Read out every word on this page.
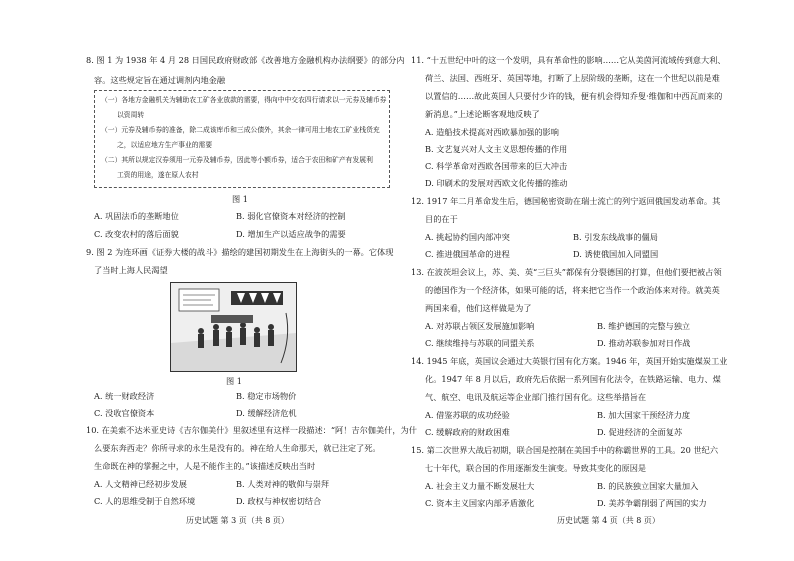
8. 图 1 为 1938 年 4 月 28 日国民政府财政部《改善地方金融机构办法纲要》的部分内
容。这些规定旨在通过调剂内地金融
（一）各地方金融机关为辅助农工矿各业放款的需要，得向中中交农四行请求以一元券及辅币券
以资周转
（一）元券及辅币券的准备，除二成该库币和三成公债外，其余一律可用土地农工矿业栈货充
之，以适应地方生产事业的需要
（二）其所以规定汉券须用一元券及辅币券，因此等小额币券，适合于农田和矿产有发展利
工资的用途，遂在原人农村
图 1
A. 巩固法币的垄断地位	B. 弱化官僚资本对经济的控制
C. 改变农村的落后面貌	D. 增加生产以适应战争的需要
9. 图 2 为连环画《证券大楼的战斗》描绘的建国初期发生在上海街头的一幕。它体现
了当时上海人民渴望
图 1
A. 统一财政经济	B. 稳定市场物价
C. 没收官僚资本	D. 缓解经济危机
10. 在美索不达米亚史诗《吉尔伽美什》里叙述里有这样一段描述：“阿！吉尔伽美什，为什
么要东奔西走？你所寻求的永生是没有的。神在给人生命那天，就已注定了死。
生命既在神的掌握之中，人是不能作主的。”该描述反映出当时
A. 人文精神已经初步发展	B. 人类对神的敬仰与崇拜
C. 人的思维受制于自然环境	D. 政权与神权密切结合
历史试题 第 3 页（共 8 页）
11. “十五世纪中叶的这一个发明，具有革命性的影响……它从美茵河流域传到意大利、
荷兰、法国、西班牙、英国等地，打断了上层阶级的垄断，这在一个世纪以前是难
以置信的……故此英国人只要付少许的钱，便有机会得知乔叟·维伽和中西瓦而来的
新消息。”上述论断客观地反映了
A. 造船技术提高对西欧暴加强的影响
B. 文艺复兴对人文主义思想传播的作用
C. 科学革命对西欧各国带来的巨大冲击
D. 印刷术的发展对西欧文化传播的推动
12. 1917 年二月革命发生后，德国秘密资助在瑞士流亡的列宁返回俄国发动革命。其
目的在于
A. 挑起协约国内部冲突	B. 引发东线战事的僵局
C. 推进俄国革命的进程	D. 诱使俄国加入同盟国
13. 在波茨坦会议上，苏、美、英“三巨头”都保有分裂德国的打算，但他们要把被占领
的德国作为一个经济体，如果可能的话，将来把它当作一个政治体来对待。就美英
两国来看，他们这样做是为了
A. 对苏联占领区发展施加影响	B. 维护德国的完整与独立
C. 继续维持与苏联的同盟关系	D. 推动苏联参加对日作战
14. 1945 年底，英国议会通过大英银行国有化方案。1946 年，英国开始实施煤炭工业
化。1947 年 8 月以后，政府先后依据一系列国有化法令，在铁路运输、电力、煤
气、航空、电讯及航运等企业部门推行国有化。这些举措旨在
A. 借鉴苏联的成功经验	B. 加大国家干预经济力度
C. 缓解政府的财政困难	D. 促进经济的全面复苏
15. 第二次世界大战后初期，联合国是控制在美国手中的称霸世界的工具。20 世纪六
七十年代，联合国的作用逐渐发生演变。导致其变化的原因是
A. 社会主义力量不断发展壮大	B. 的民族独立国家大量加入
C. 资本主义国家内部矛盾激化	D. 美苏争霸削弱了两国的实力
历史试题 第 4 页（共 8 页）
